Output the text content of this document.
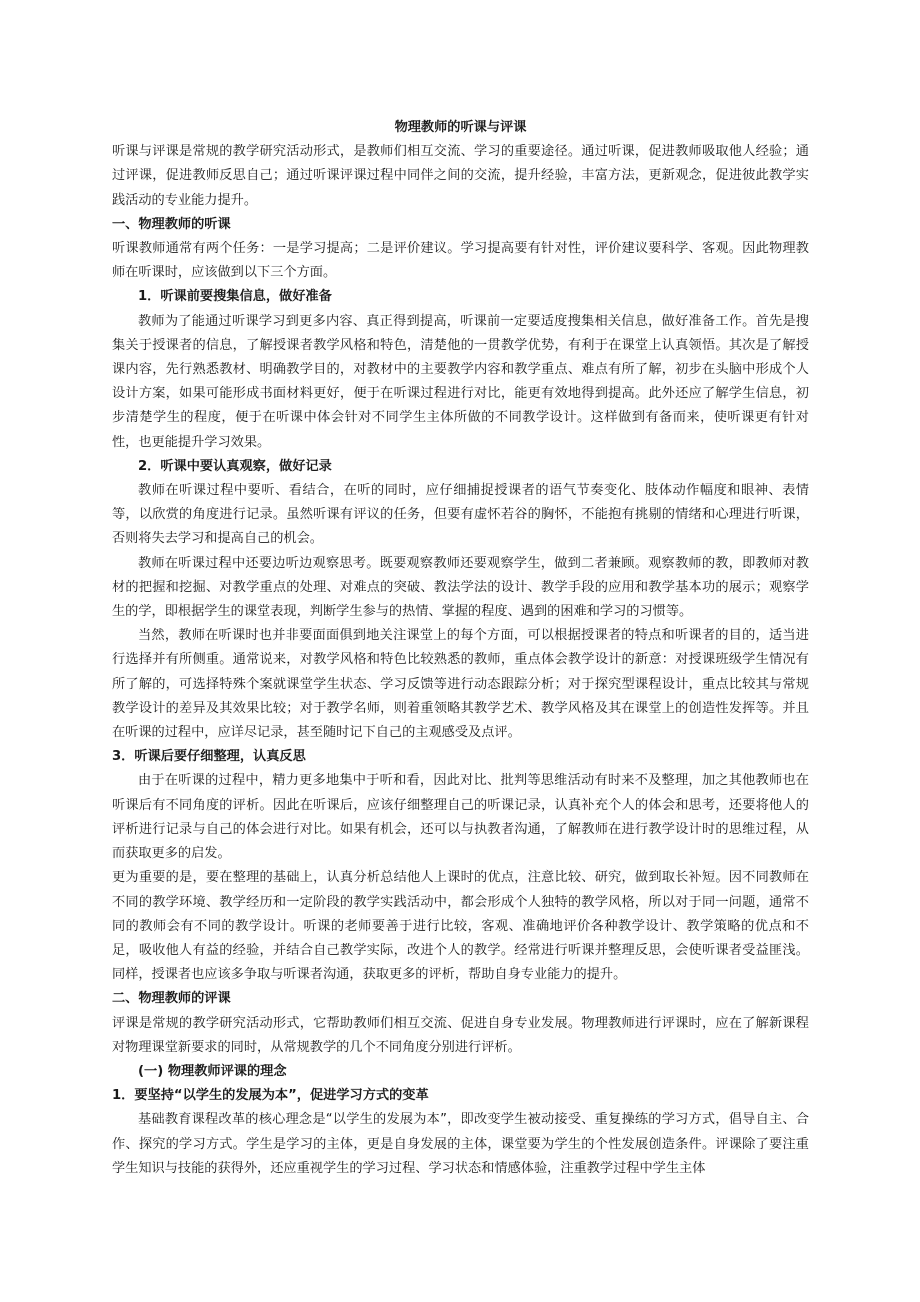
物理教师的听课与评课

听课与评课是常规的教学研究活动形式，是教师们相互交流、学习的重要途径。通过听课，促进教师吸取他人经验；通过评课，促进教师反思自己；通过听课评课过程中同伴之间的交流，提升经验，丰富方法，更新观念，促进彼此教学实践活动的专业能力提升。

一、物理教师的听课

听课教师通常有两个任务：一是学习提高；二是评价建议。学习提高要有针对性，评价建议要科学、客观。因此物理教师在听课时，应该做到以下三个方面。

1．听课前要搜集信息，做好准备

教师为了能通过听课学习到更多内容、真正得到提高，听课前一定要适度搜集相关信息，做好准备工作。首先是搜集关于授课者的信息，了解授课者教学风格和特色，清楚他的一贯教学优势，有利于在课堂上认真领悟。其次是了解授课内容，先行熟悉教材、明确教学目的，对教材中的主要教学内容和教学重点、难点有所了解，初步在头脑中形成个人设计方案，如果可能形成书面材料更好，便于在听课过程进行对比，能更有效地得到提高。此外还应了解学生信息，初步清楚学生的程度，便于在听课中体会针对不同学生主体所做的不同教学设计。这样做到有备而来，使听课更有针对性，也更能提升学习效果。

2．听课中要认真观察，做好记录

教师在听课过程中要听、看结合，在听的同时，应仔细捕捉授课者的语气节奏变化、肢体动作幅度和眼神、表情等，以欣赏的角度进行记录。虽然听课有评议的任务，但要有虚怀若谷的胸怀，不能抱有挑剔的情绪和心理进行听课，否则将失去学习和提高自己的机会。

教师在听课过程中还要边听边观察思考。既要观察教师还要观察学生，做到二者兼顾。观察教师的教，即教师对教材的把握和挖掘、对教学重点的处理、对难点的突破、教法学法的设计、教学手段的应用和教学基本功的展示；观察学生的学，即根据学生的课堂表现，判断学生参与的热情、掌握的程度、遇到的困难和学习的习惯等。

当然，教师在听课时也并非要面面俱到地关注课堂上的每个方面，可以根据授课者的特点和听课者的目的，适当进行选择并有所侧重。通常说来，对教学风格和特色比较熟悉的教师，重点体会教学设计的新意：对授课班级学生情况有所了解的，可选择特殊个案就课堂学生状态、学习反馈等进行动态跟踪分析；对于探究型课程设计，重点比较其与常规教学设计的差异及其效果比较；对于教学名师，则着重领略其教学艺术、教学风格及其在课堂上的创造性发挥等。并且在听课的过程中，应详尽记录，甚至随时记下自己的主观感受及点评。

3．听课后要仔细整理，认真反思

由于在听课的过程中，精力更多地集中于听和看，因此对比、批判等思维活动有时来不及整理，加之其他教师也在听课后有不同角度的评析。因此在听课后，应该仔细整理自己的听课记录，认真补充个人的体会和思考，还要将他人的评析进行记录与自己的体会进行对比。如果有机会，还可以与执教者沟通，了解教师在进行教学设计时的思维过程，从而获取更多的启发。

更为重要的是，要在整理的基础上，认真分析总结他人上课时的优点，注意比较、研究，做到取长补短。因不同教师在不同的教学环境、教学经历和一定阶段的教学实践活动中，都会形成个人独特的教学风格，所以对于同一问题，通常不同的教师会有不同的教学设计。听课的老师要善于进行比较，客观、准确地评价各种教学设计、教学策略的优点和不足，吸收他人有益的经验，并结合自己教学实际，改进个人的教学。经常进行听课并整理反思，会使听课者受益匪浅。同样，授课者也应该多争取与听课者沟通，获取更多的评析，帮助自身专业能力的提升。

二、物理教师的评课

评课是常规的教学研究活动形式，它帮助教师们相互交流、促进自身专业发展。物理教师进行评课时，应在了解新课程对物理课堂新要求的同时，从常规教学的几个不同角度分别进行评析。

(一) 物理教师评课的理念

1．要坚持“以学生的发展为本”，促进学习方式的变革

基础教育课程改革的核心理念是“以学生的发展为本”，即改变学生被动接受、重复操练的学习方式，倡导自主、合作、探究的学习方式。学生是学习的主体，更是自身发展的主体，课堂要为学生的个性发展创造条件。评课除了要注重学生知识与技能的获得外，还应重视学生的学习过程、学习状态和情感体验，注重教学过程中学生主体
